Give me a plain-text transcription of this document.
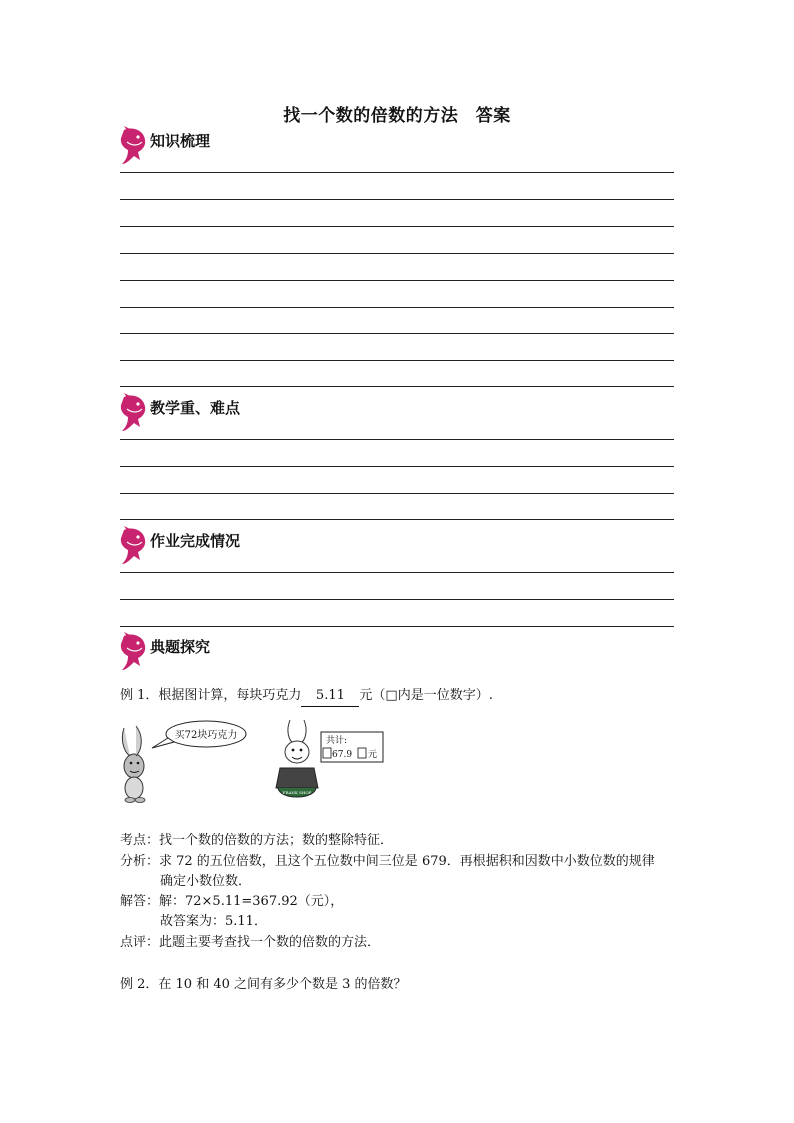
找一个数的倍数的方法　答案
知识梳理
教学重、难点
作业完成情况
典题探究
例 1．根据图计算，每块巧克力 5.11 元（□内是一位数字）.
买72块巧克力
FRANK SHOP
共计:
67.9 元
考点：找一个数的倍数的方法；数的整除特征．
分析：求 72 的五位倍数，且这个五位数中间三位是 679．再根据积和因数中小数位数的规律
确定小数位数．
解答：解：72×5.11=367.92（元），
故答案为：5.11．
点评：此题主要考查找一个数的倍数的方法．
例 2．在 10 和 40 之间有多少个数是 3 的倍数？
